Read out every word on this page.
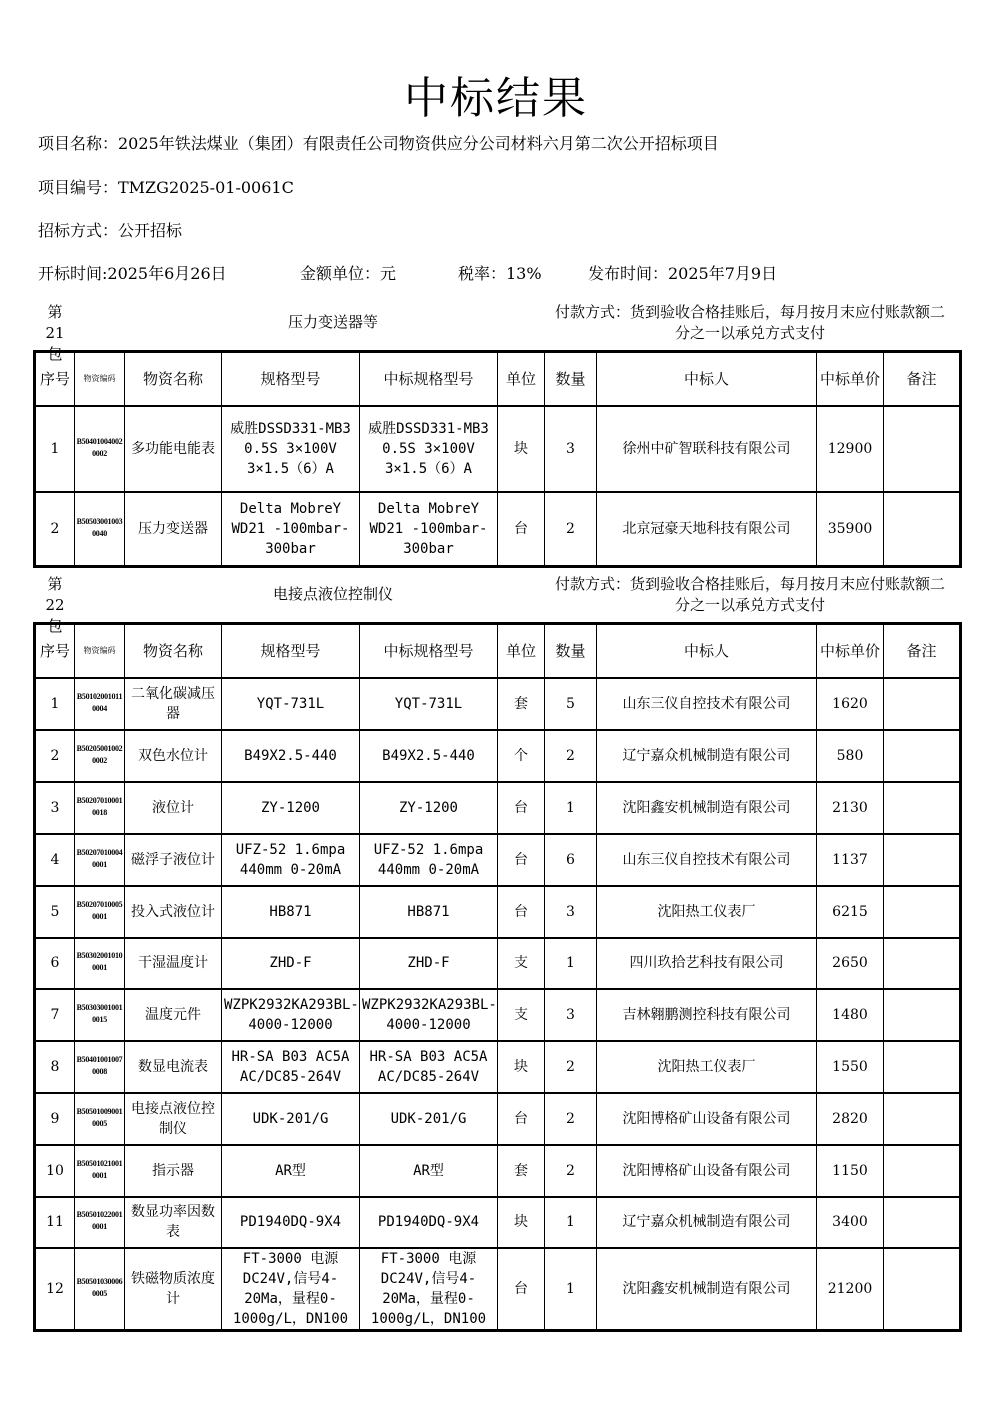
中标结果
项目名称：2025年铁法煤业（集团）有限责任公司物资供应分公司材料六月第二次公开招标项目
项目编号：TMZG2025-01-0061C
招标方式：公开招标
开标时间:2025年6月26日	金额单位：元	税率：13%	发布时间：2025年7月9日
第21包
压力变送器等
付款方式：货到验收合格挂账后，每月按月末应付账款额二分之一以承兑方式支付
序号	物资编码	物资名称	规格型号	中标规格型号	单位	数量	中标人	中标单价	备注
1	B504010040020002	多功能电能表	威胜DSSD331-MB3 0.5S 3×100V 3×1.5（6）A	威胜DSSD331-MB3 0.5S 3×100V 3×1.5（6）A	块	3	徐州中矿智联科技有限公司	12900	
2	B505030010030040	压力变送器	Delta MobreY WD21 -100mbar-300bar	Delta MobreY WD21 -100mbar-300bar	台	2	北京冠豪天地科技有限公司	35900	
第22包
电接点液位控制仪
付款方式：货到验收合格挂账后，每月按月末应付账款额二分之一以承兑方式支付
序号	物资编码	物资名称	规格型号	中标规格型号	单位	数量	中标人	中标单价	备注
1	B501020010110004	二氧化碳减压器	YQT-731L	YQT-731L	套	5	山东三仪自控技术有限公司	1620	
2	B502050010020002	双色水位计	B49X2.5-440	B49X2.5-440	个	2	辽宁嘉众机械制造有限公司	580	
3	B502070100010018	液位计	ZY-1200	ZY-1200	台	1	沈阳鑫安机械制造有限公司	2130	
4	B502070100040001	磁浮子液位计	UFZ-52 1.6mpa 440mm 0-20mA	UFZ-52 1.6mpa 440mm 0-20mA	台	6	山东三仪自控技术有限公司	1137	
5	B502070100050001	投入式液位计	HB871	HB871	台	3	沈阳热工仪表厂	6215	
6	B503020010100001	干湿温度计	ZHD-F	ZHD-F	支	1	四川玖拾艺科技有限公司	2650	
7	B503030010010015	温度元件	WZPK2932KA293BL-4000-12000	WZPK2932KA293BL-4000-12000	支	3	吉林翱鹏测控科技有限公司	1480	
8	B504010010070008	数显电流表	HR-SA B03 AC5A AC/DC85-264V	HR-SA B03 AC5A AC/DC85-264V	块	2	沈阳热工仪表厂	1550	
9	B505010090010005	电接点液位控制仪	UDK-201/G	UDK-201/G	台	2	沈阳博格矿山设备有限公司	2820	
10	B505010210010001	指示器	AR型	AR型	套	2	沈阳博格矿山设备有限公司	1150	
11	B505010220010001	数显功率因数表	PD1940DQ-9X4	PD1940DQ-9X4	块	1	辽宁嘉众机械制造有限公司	3400	
12	B505010300060005	铁磁物质浓度计	FT-3000 电源DC24V,信号4-20Ma，量程0-1000g/L，DN100	FT-3000 电源DC24V,信号4-20Ma，量程0-1000g/L，DN100	台	1	沈阳鑫安机械制造有限公司	21200	
